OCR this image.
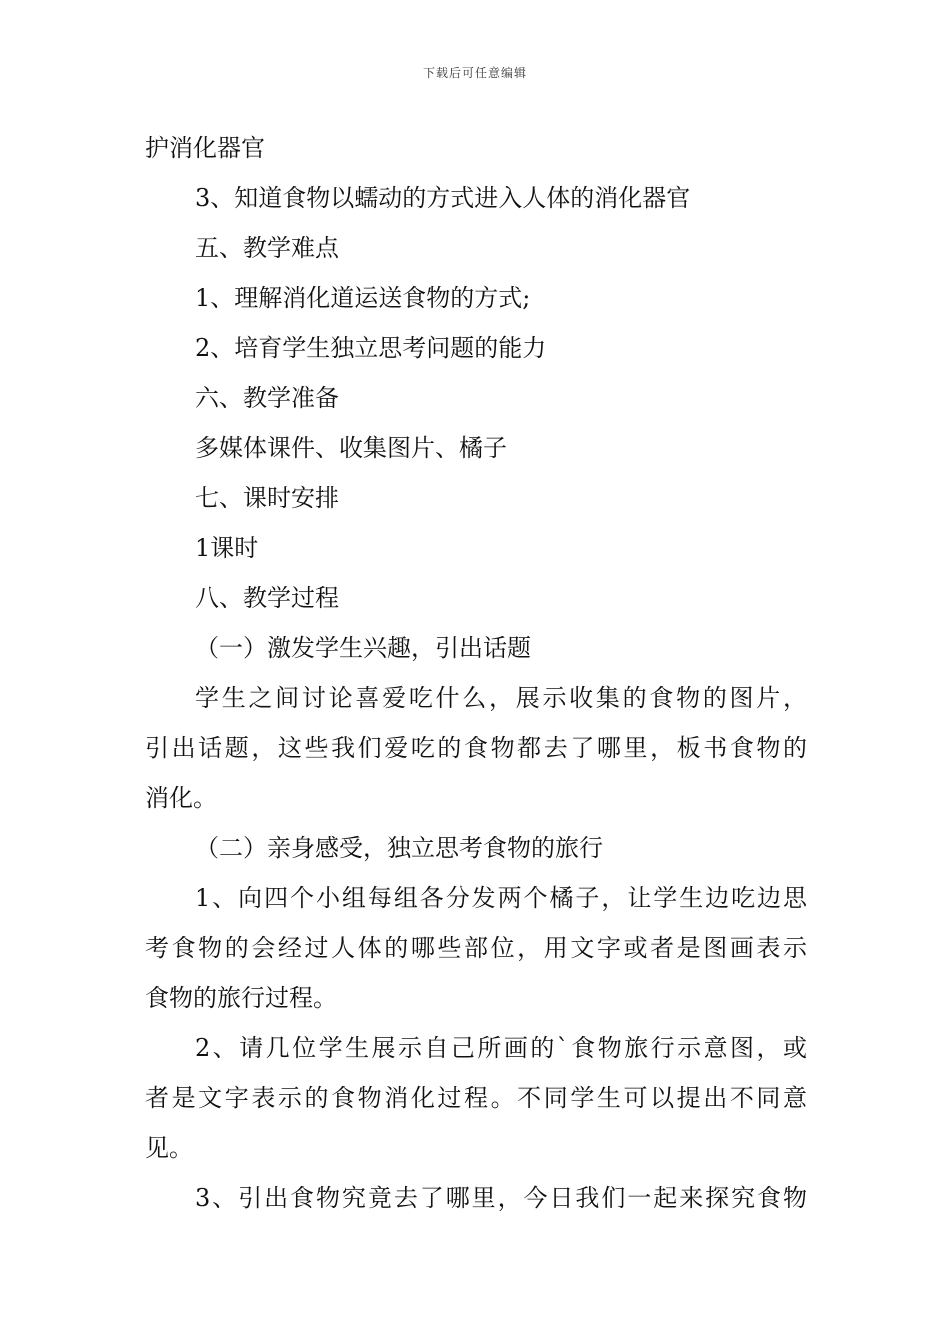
下载后可任意编辑
护消化器官
3、知道食物以蠕动的方式进入人体的消化器官
五、教学难点
1、理解消化道运送食物的方式;
2、培育学生独立思考问题的能力
六、教学准备
多媒体课件、收集图片、橘子
七、课时安排
1课时
八、教学过程
（一）激发学生兴趣，引出话题
学生之间讨论喜爱吃什么，展示收集的食物的图片，
引出话题，这些我们爱吃的食物都去了哪里，板书食物的
消化。
（二）亲身感受，独立思考食物的旅行
1、向四个小组每组各分发两个橘子，让学生边吃边思
考食物的会经过人体的哪些部位，用文字或者是图画表示
食物的旅行过程。
2、请几位学生展示自己所画的`食物旅行示意图，或
者是文字表示的食物消化过程。不同学生可以提出不同意
见。
3、引出食物究竟去了哪里，今日我们一起来探究食物
